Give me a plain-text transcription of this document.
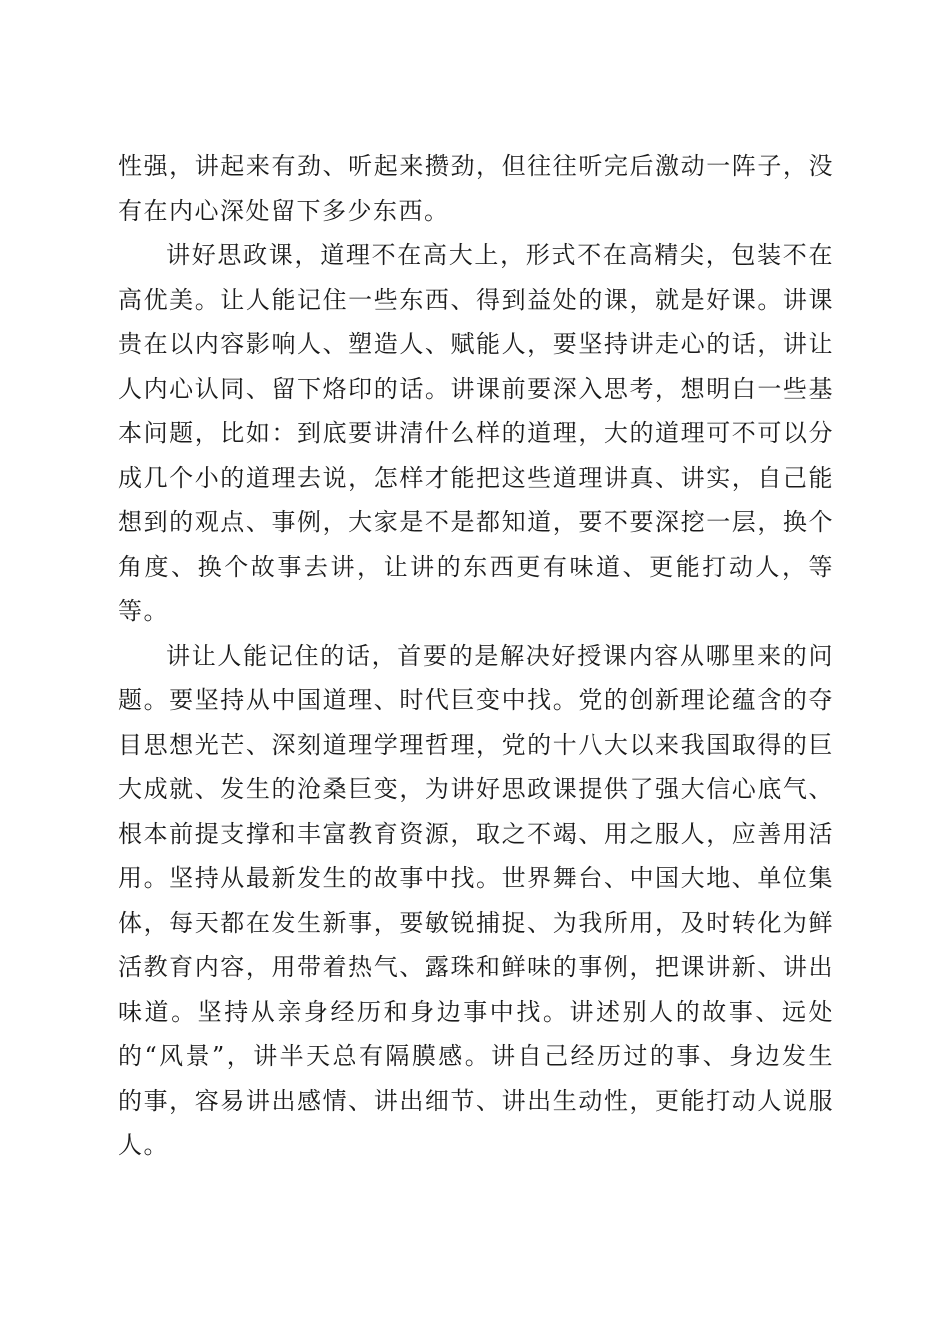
性强，讲起来有劲、听起来攒劲，但往往听完后激动一阵子，没有在内心深处留下多少东西。

讲好思政课，道理不在高大上，形式不在高精尖，包装不在高优美。让人能记住一些东西、得到益处的课，就是好课。讲课贵在以内容影响人、塑造人、赋能人，要坚持讲走心的话，讲让人内心认同、留下烙印的话。讲课前要深入思考，想明白一些基本问题，比如：到底要讲清什么样的道理，大的道理可不可以分成几个小的道理去说，怎样才能把这些道理讲真、讲实，自己能想到的观点、事例，大家是不是都知道，要不要深挖一层，换个角度、换个故事去讲，让讲的东西更有味道、更能打动人，等等。

讲让人能记住的话，首要的是解决好授课内容从哪里来的问题。要坚持从中国道理、时代巨变中找。党的创新理论蕴含的夺目思想光芒、深刻道理学理哲理，党的十八大以来我国取得的巨大成就、发生的沧桑巨变，为讲好思政课提供了强大信心底气、根本前提支撑和丰富教育资源，取之不竭、用之服人，应善用活用。坚持从最新发生的故事中找。世界舞台、中国大地、单位集体，每天都在发生新事，要敏锐捕捉、为我所用，及时转化为鲜活教育内容，用带着热气、露珠和鲜味的事例，把课讲新、讲出味道。坚持从亲身经历和身边事中找。讲述别人的故事、远处的“风景”，讲半天总有隔膜感。讲自己经历过的事、身边发生的事，容易讲出感情、讲出细节、讲出生动性，更能打动人说服人。
